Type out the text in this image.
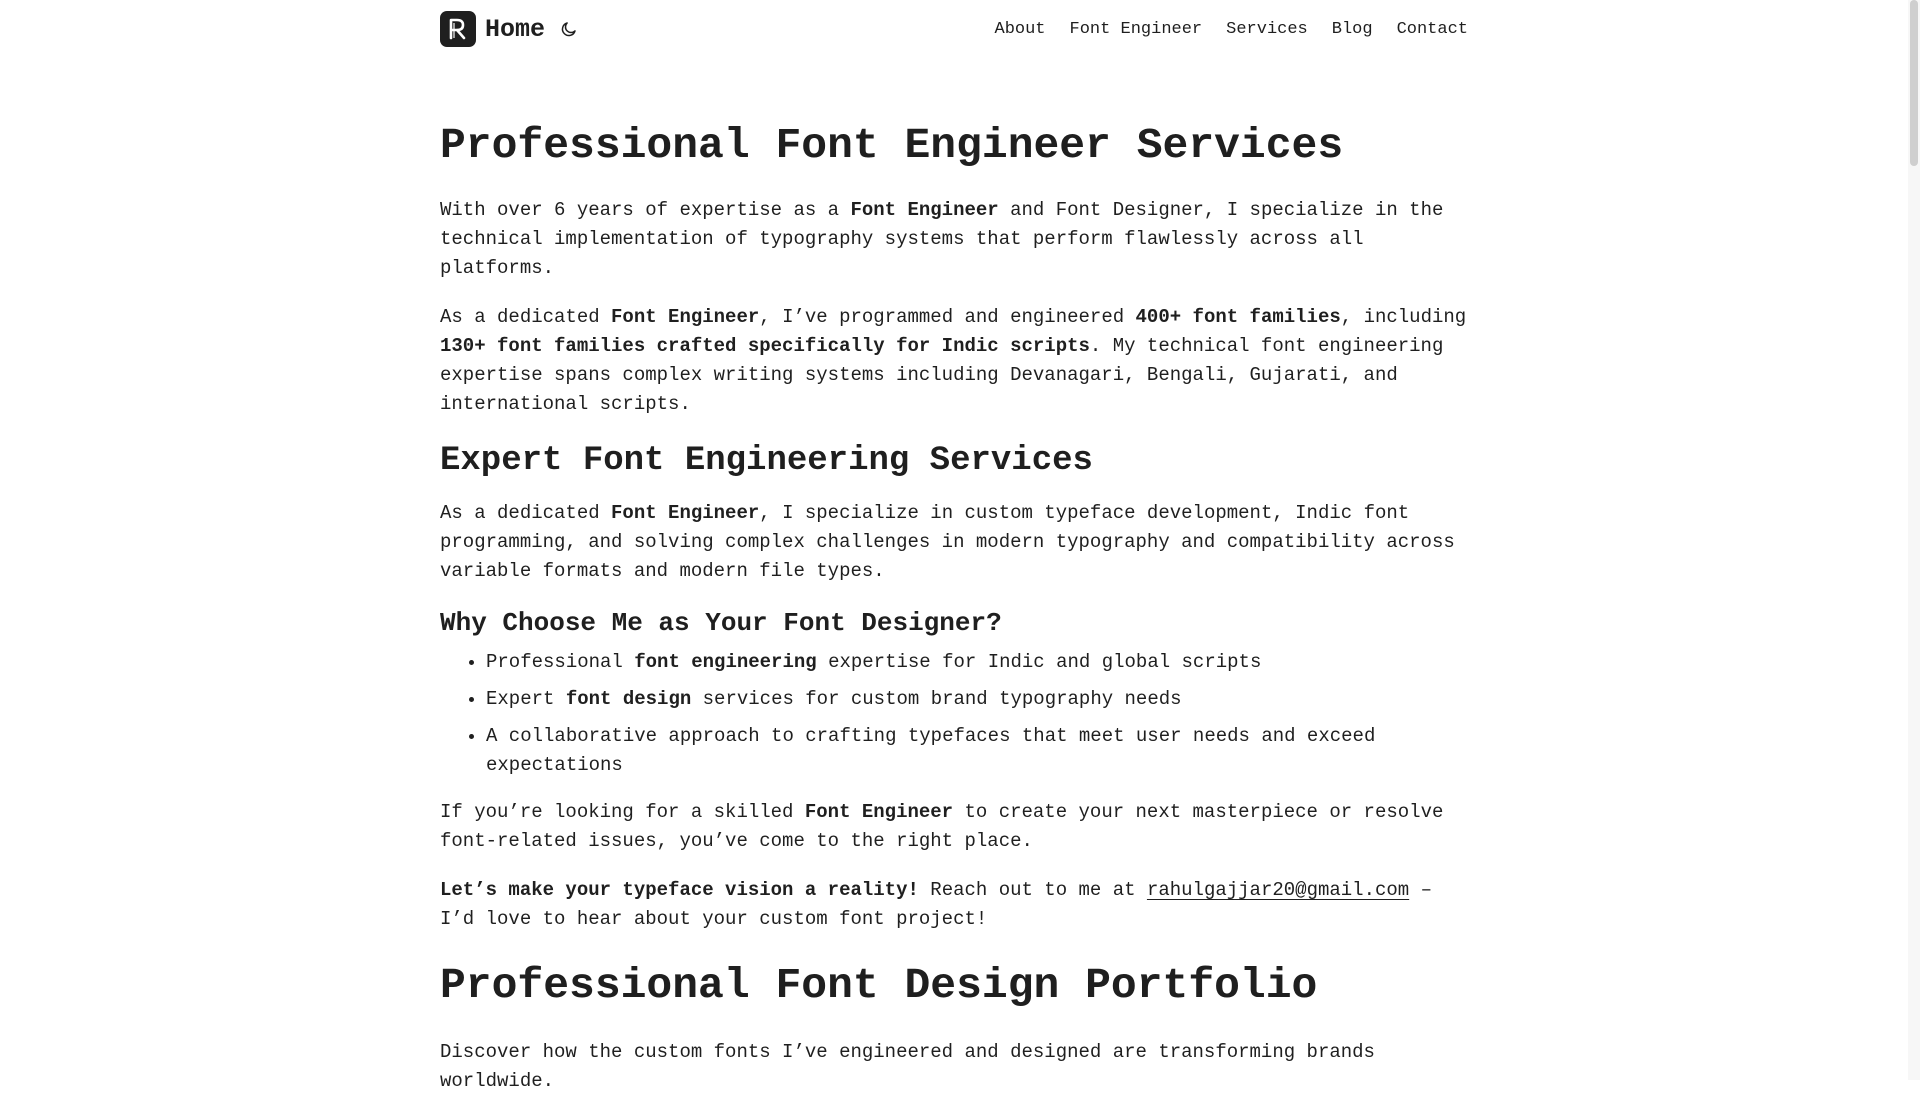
Home	About Font Engineer Services Blog Contact
Professional Font Engineer Services

With over 6 years of expertise as a Font Engineer and Font Designer, I specialize in the technical implementation of typography systems that perform flawlessly across all platforms.

As a dedicated Font Engineer, I’ve programmed and engineered 400+ font families, including 130+ font families crafted specifically for Indic scripts. My technical font engineering expertise spans complex writing systems including Devanagari, Bengali, Gujarati, and international scripts.

Expert Font Engineering Services

As a dedicated Font Engineer, I specialize in custom typeface development, Indic font programming, and solving complex challenges in modern typography and compatibility across variable formats and modern file types.

Why Choose Me as Your Font Designer?
• Professional font engineering expertise for Indic and global scripts
• Expert font design services for custom brand typography needs
• A collaborative approach to crafting typefaces that meet user needs and exceed expectations

If you’re looking for a skilled Font Engineer to create your next masterpiece or resolve font-related issues, you’ve come to the right place.

Let’s make your typeface vision a reality! Reach out to me at rahulgajjar20@gmail.com – I’d love to hear about your custom font project!

Professional Font Design Portfolio

Discover how the custom fonts I’ve engineered and designed are transforming brands worldwide.
